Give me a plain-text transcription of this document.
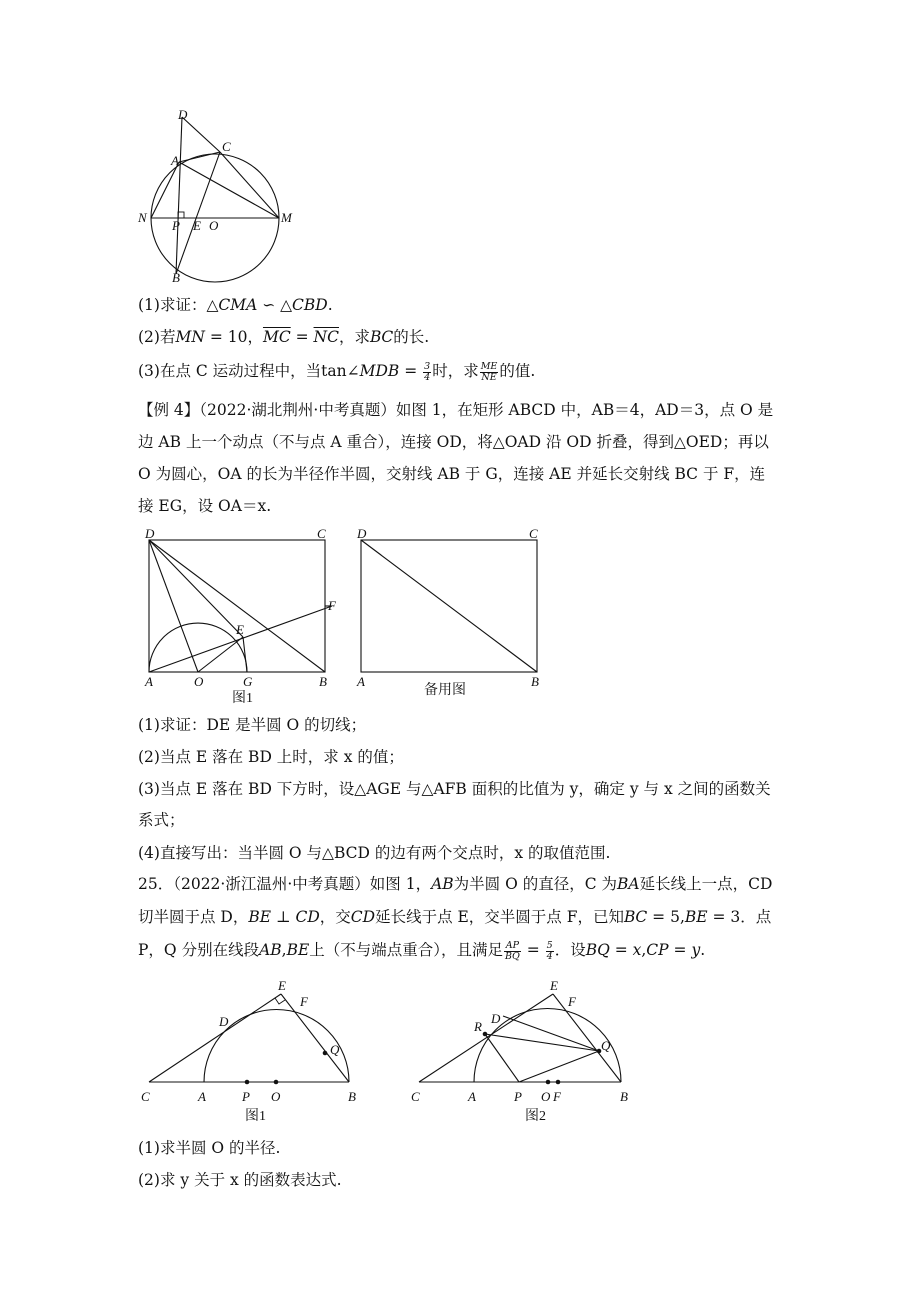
D
C
A
N
P E O
M
B
(1)求证：△𝐶𝑀𝐴 ∽ △𝐶𝐵𝐷.
(2)若𝑀𝑁 = 10，𝑀𝐶 = 𝑁𝐶，求𝐵𝐶的长.
(3)在点 C 运动过程中，当tan∠𝑀𝐷𝐵 = $\frac{3}{4}$ 时，求 $\frac{\text{𝑀𝐸}}{\text{𝑁𝐸}}$ 的值.
【例 4】（2022·湖北荆州·中考真题）如图 1，在矩形 ABCD 中，AB＝4，AD＝3，点 O 是
边 AB 上一个动点（不与点 A 重合），连接 OD，将△OAD 沿 OD 折叠，得到△OED；再以
O 为圆心，OA 的长为半径作半圆，交射线 AB 于 G，连接 AE 并延长交射线 BC 于 F，连
接 EG，设 OA＝x.
D	C
F
E
A	O	G	B
图1
D	C
A	B
备用图
(1)求证：DE 是半圆 O 的切线；
(2)当点 E 落在 BD 上时，求 x 的值；
(3)当点 E 落在 BD 下方时，设△AGE 与△AFB 面积的比值为 y，确定 y 与 x 之间的函数关
系式；
(4)直接写出：当半圆 O 与△BCD 的边有两个交点时，x 的取值范围.
25．（2022·浙江温州·中考真题）如图 1，𝐴𝐵为半圆 O 的直径，C 为𝐵𝐴延长线上一点，CD
切半圆于点 D，𝐵𝐸 ⊥ 𝐶𝐷，交𝐶𝐷延长线于点 E，交半圆于点 F，已知𝐵𝐶 = 5,𝐵𝐸 = 3．点
P，Q 分别在线段𝐴𝐵,𝐵𝐸上（不与端点重合），且满足 $\frac{\text{𝐴𝑃}}{\text{𝐵𝑄}} = \frac{5}{4}$ ．设𝐵𝑄 = 𝑥,𝐶𝑃 = 𝑦.
E
F
D
Q
C	A	P O	B
图1
E
F
D
R
Q
C	A	P O F	B
图2
(1)求半圆 O 的半径.
(2)求 y 关于 x 的函数表达式.
